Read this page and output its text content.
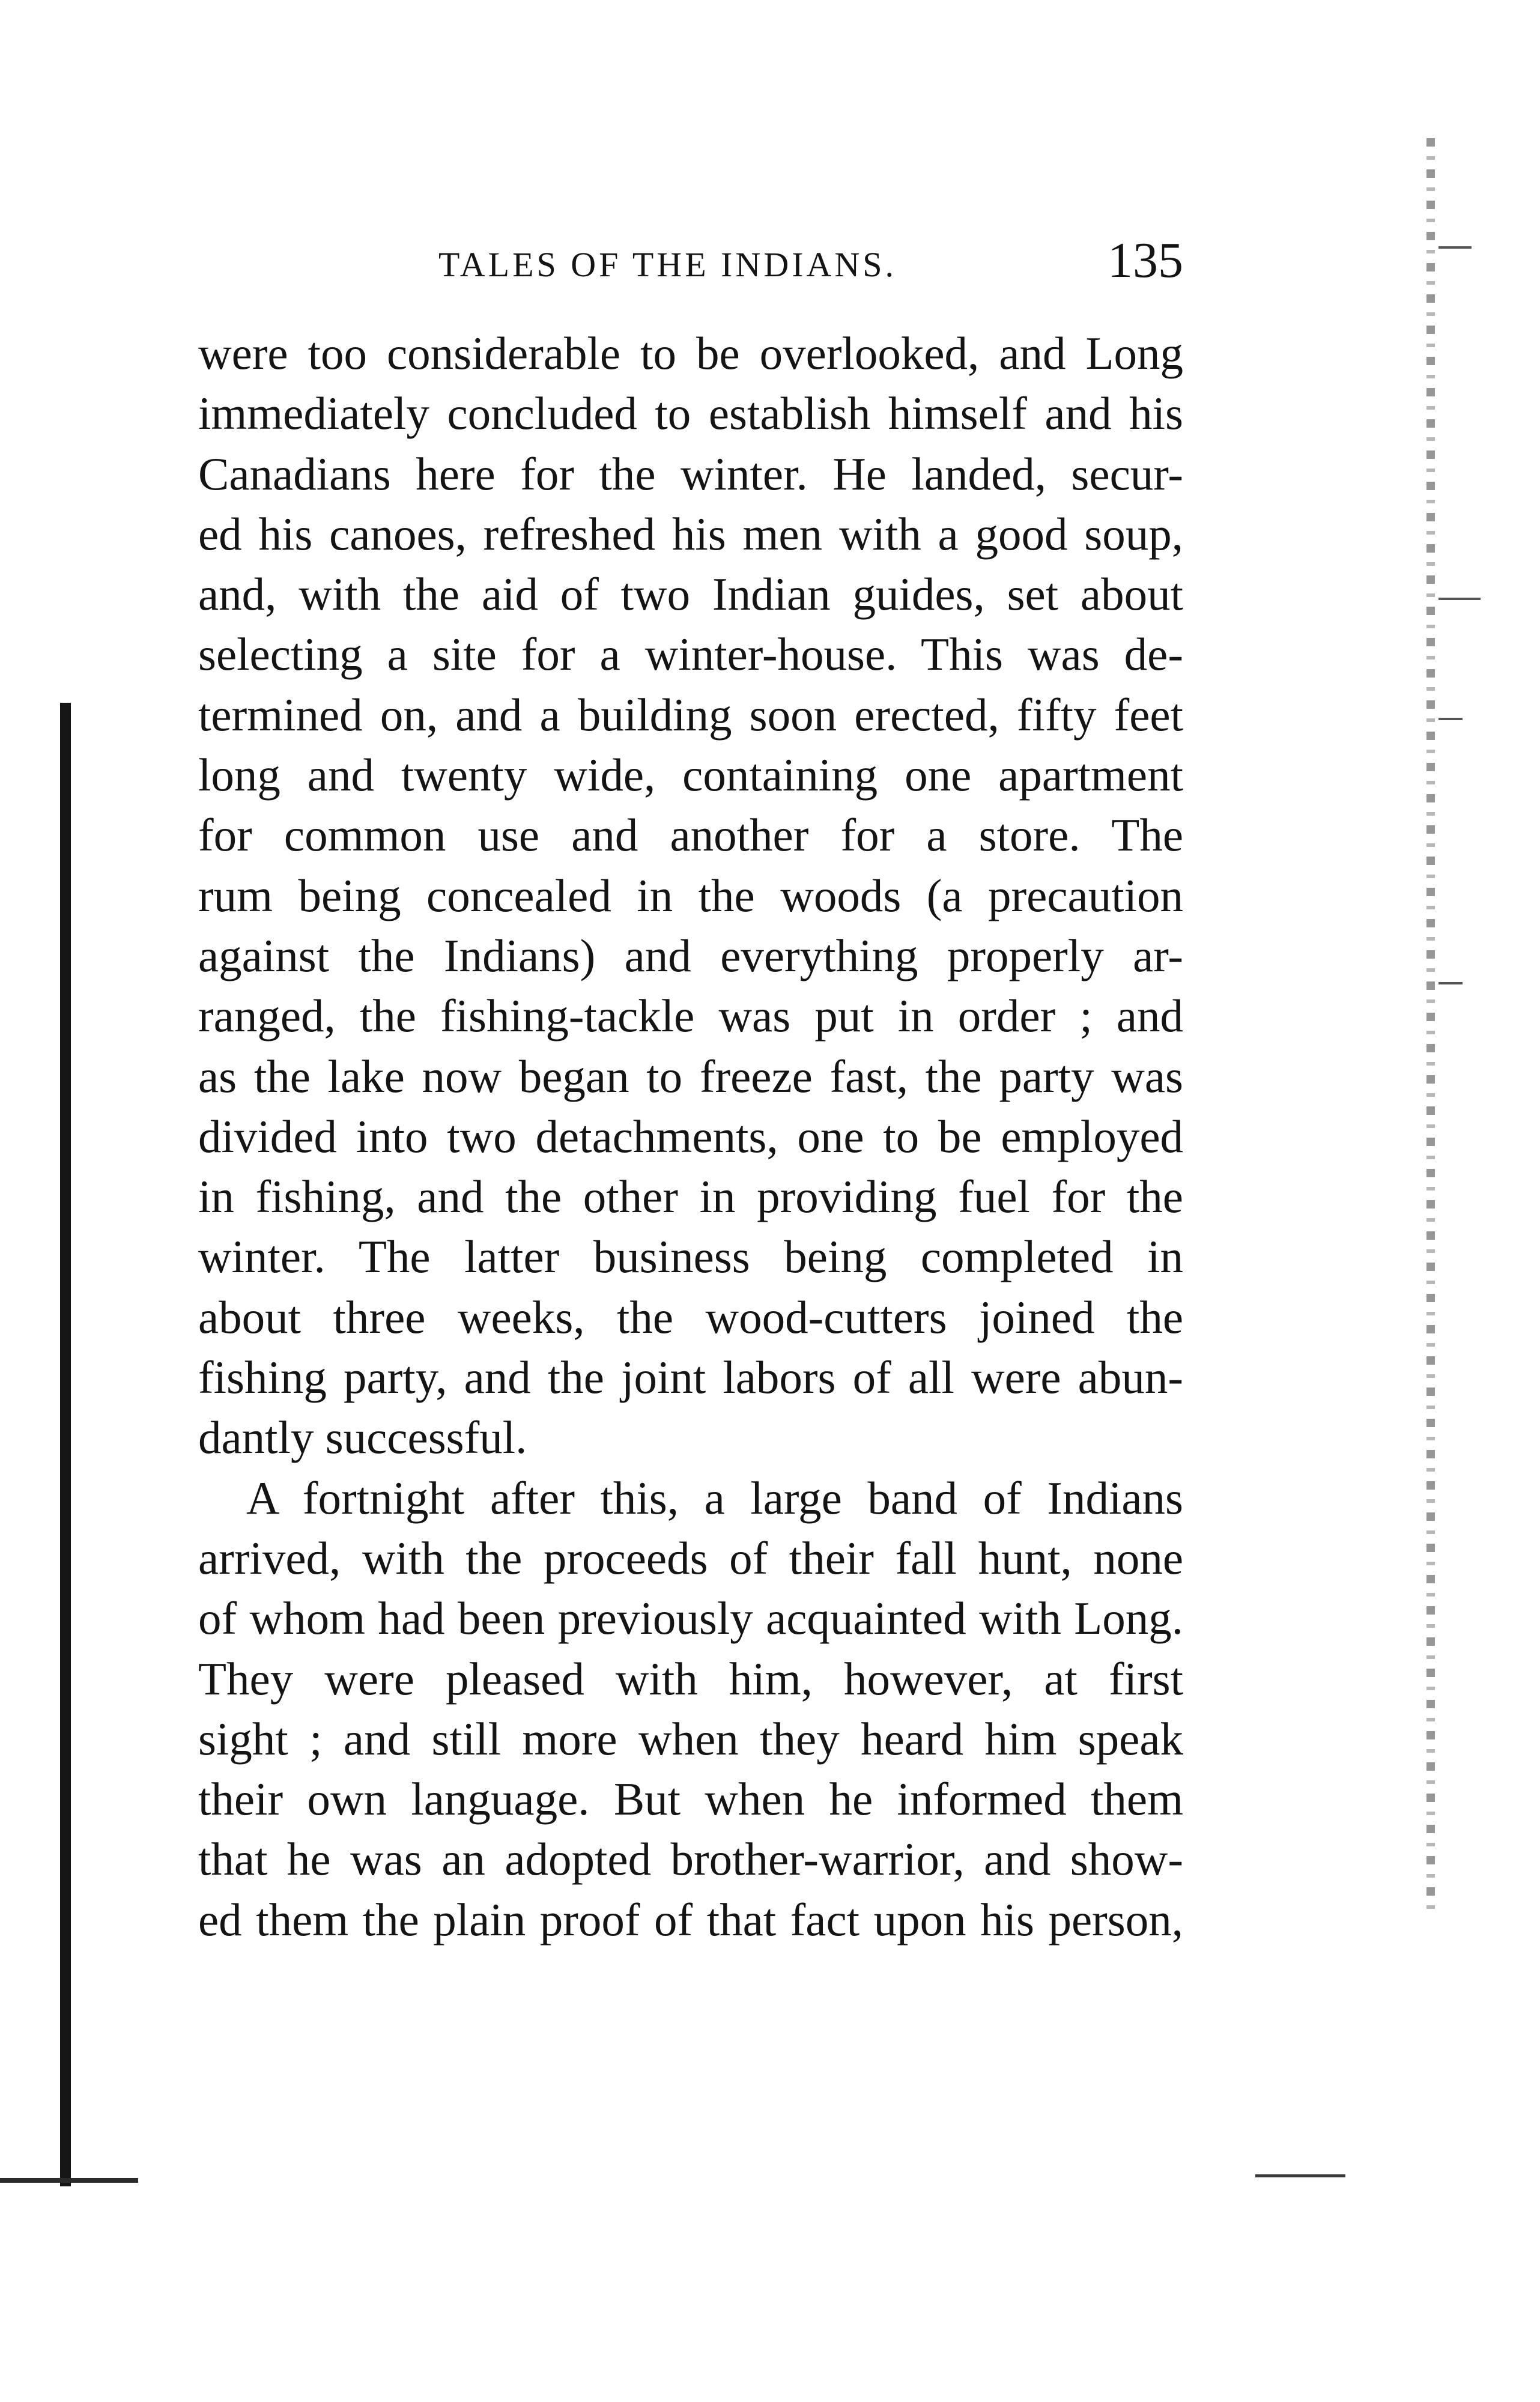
TALES OF THE INDIANS.	135
were too considerable to be overlooked, and Long
immediately concluded to establish himself and his
Canadians here for the winter. He landed, secur-
ed his canoes, refreshed his men with a good soup,
and, with the aid of two Indian guides, set about
selecting a site for a winter-house. This was de-
termined on, and a building soon erected, fifty feet
long and twenty wide, containing one apartment
for common use and another for a store. The
rum being concealed in the woods (a precaution
against the Indians) and everything properly ar-
ranged, the fishing-tackle was put in order ; and
as the lake now began to freeze fast, the party was
divided into two detachments, one to be employed
in fishing, and the other in providing fuel for the
winter. The latter business being completed in
about three weeks, the wood-cutters joined the
fishing party, and the joint labors of all were abun-
dantly successful.
A fortnight after this, a large band of Indians
arrived, with the proceeds of their fall hunt, none
of whom had been previously acquainted with Long.
They were pleased with him, however, at first
sight ; and still more when they heard him speak
their own language. But when he informed them
that he was an adopted brother-warrior, and show-
ed them the plain proof of that fact upon his person,
